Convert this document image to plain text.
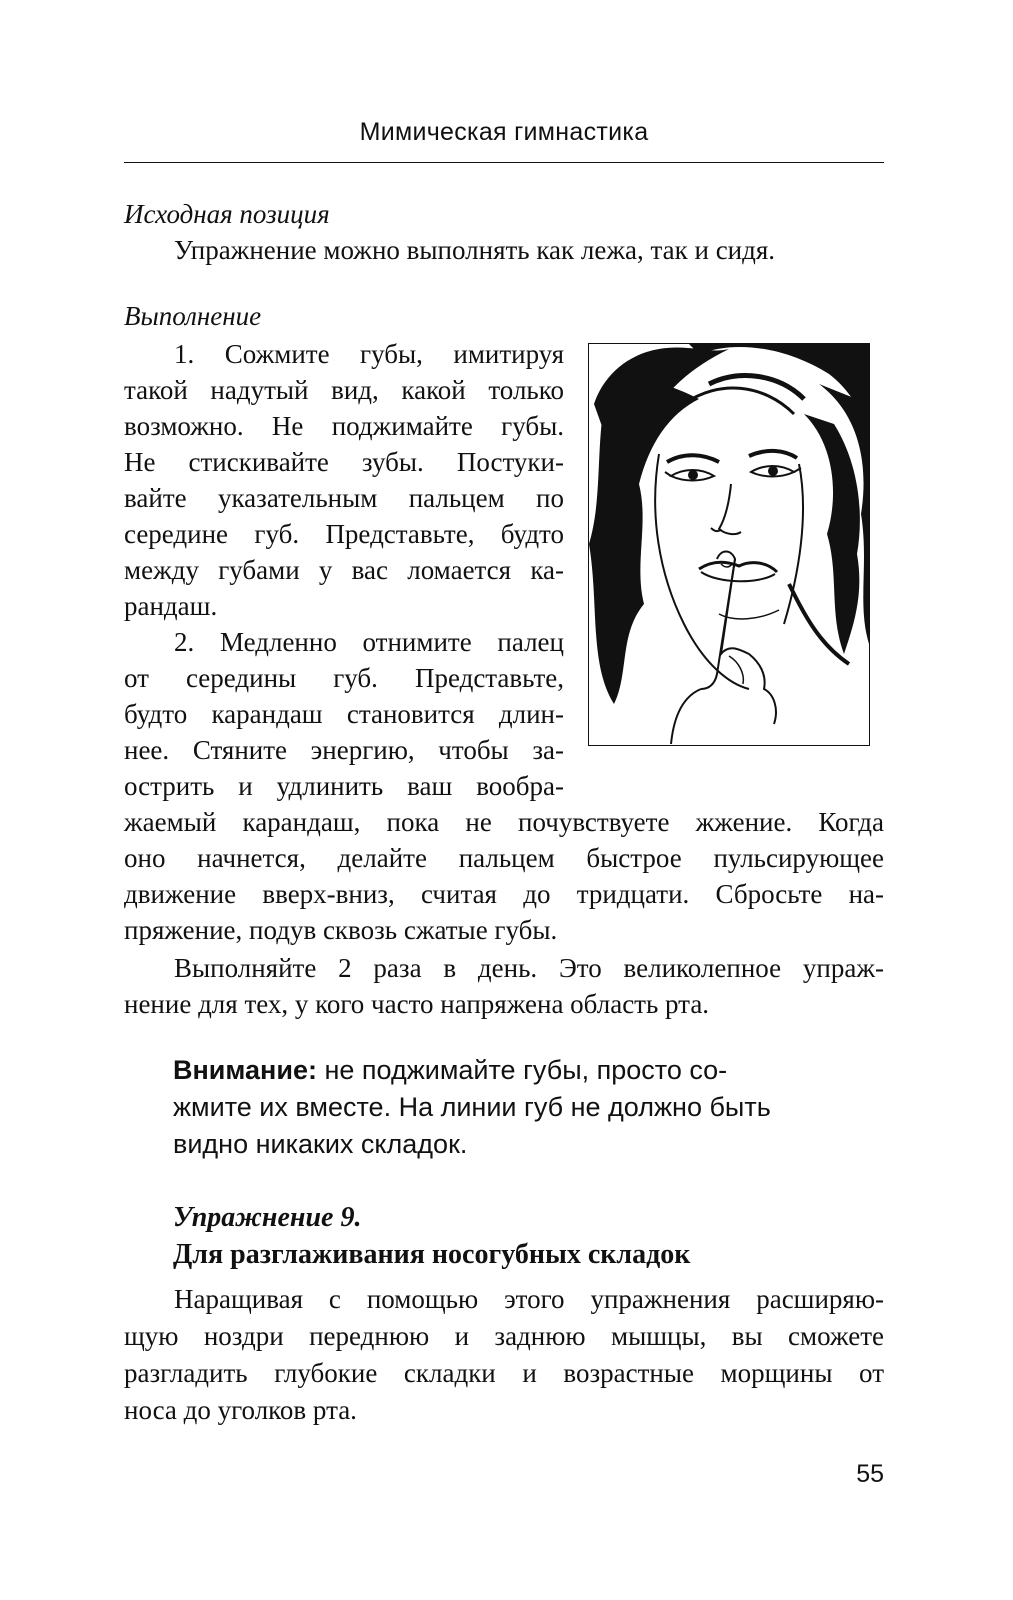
Мимическая гимнастика
Исходная позиция
Упражнение можно выполнять как лежа, так и сидя.
Выполнение
1. Сожмите губы, имитируя
такой надутый вид, какой только
возможно. Не поджимайте губы.
Не стискивайте зубы. Постуки-
вайте указательным пальцем по
середине губ. Представьте, будто
между губами у вас ломается ка-
рандаш.
2. Медленно отнимите палец
от середины губ. Представьте,
будто карандаш становится длин-
нее. Стяните энергию, чтобы за-
острить и удлинить ваш вообра-
жаемый карандаш, пока не почувствуете жжение. Когда
оно начнется, делайте пальцем быстрое пульсирующее
движение вверх-вниз, считая до тридцати. Сбросьте на-
пряжение, подув сквозь сжатые губы.
Выполняйте 2 раза в день. Это великолепное упраж-
нение для тех, у кого часто напряжена область рта.
Внимание: не поджимайте губы, просто со-
жмите их вместе. На линии губ не должно быть
видно никаких складок.
Упражнение 9.
Для разглаживания носогубных складок
Наращивая с помощью этого упражнения расширяю-
щую ноздри переднюю и заднюю мышцы, вы сможете
разгладить глубокие складки и возрастные морщины от
носа до уголков рта.
55
